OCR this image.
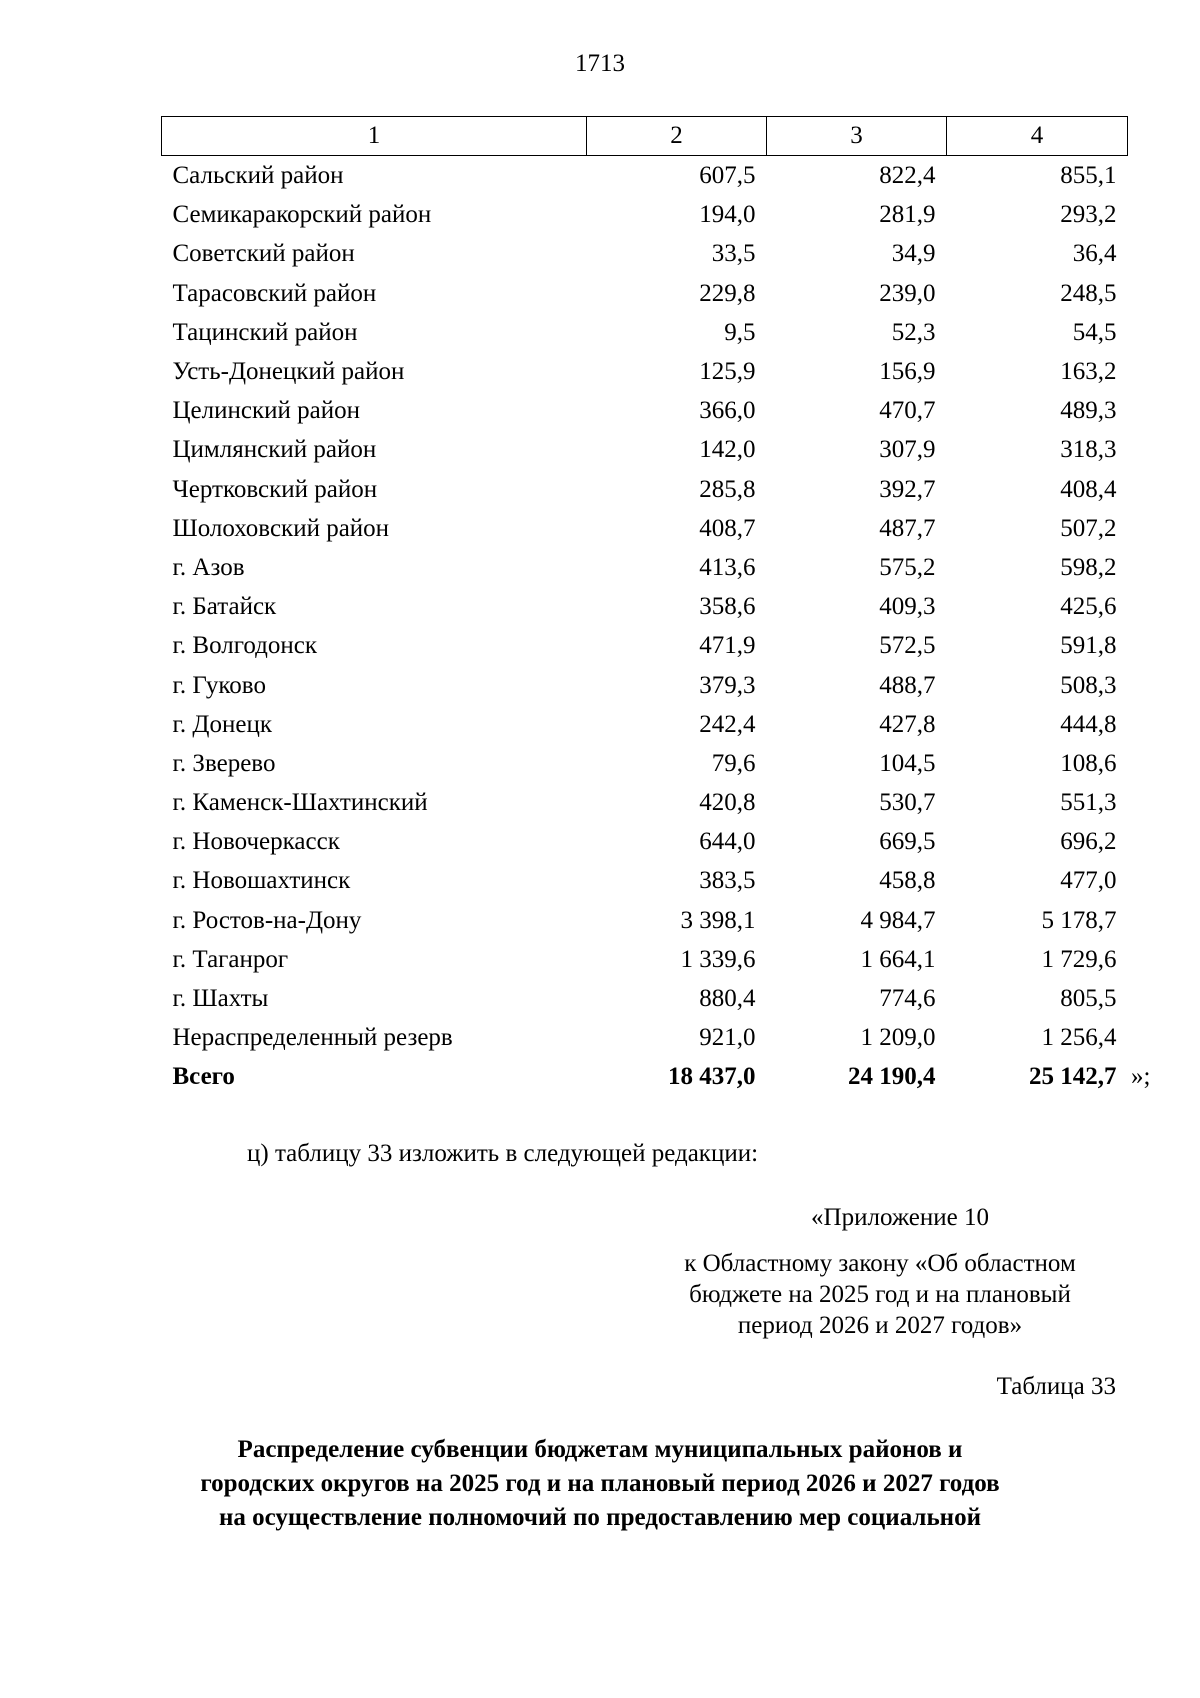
1713
1	2	3	4
Сальский район	607,5	822,4	855,1
Семикаракорский район	194,0	281,9	293,2
Советский район	33,5	34,9	36,4
Тарасовский район	229,8	239,0	248,5
Тацинский район	9,5	52,3	54,5
Усть-Донецкий район	125,9	156,9	163,2
Целинский район	366,0	470,7	489,3
Цимлянский район	142,0	307,9	318,3
Чертковский район	285,8	392,7	408,4
Шолоховский район	408,7	487,7	507,2
г. Азов	413,6	575,2	598,2
г. Батайск	358,6	409,3	425,6
г. Волгодонск	471,9	572,5	591,8
г. Гуково	379,3	488,7	508,3
г. Донецк	242,4	427,8	444,8
г. Зверево	79,6	104,5	108,6
г. Каменск-Шахтинский	420,8	530,7	551,3
г. Новочеркасск	644,0	669,5	696,2
г. Новошахтинск	383,5	458,8	477,0
г. Ростов-на-Дону	3 398,1	4 984,7	5 178,7
г. Таганрог	1 339,6	1 664,1	1 729,6
г. Шахты	880,4	774,6	805,5
Нераспределенный резерв	921,0	1 209,0	1 256,4
Всего	18 437,0	24 190,4	25 142,7 »;
ц) таблицу 33 изложить в следующей редакции:
«Приложение 10
к Областному закону «Об областном
бюджете на 2025 год и на плановый
период 2026 и 2027 годов»
Таблица 33
Распределение субвенции бюджетам муниципальных районов и
городских округов на 2025 год и на плановый период 2026 и 2027 годов
на осуществление полномочий по предоставлению мер социальной
